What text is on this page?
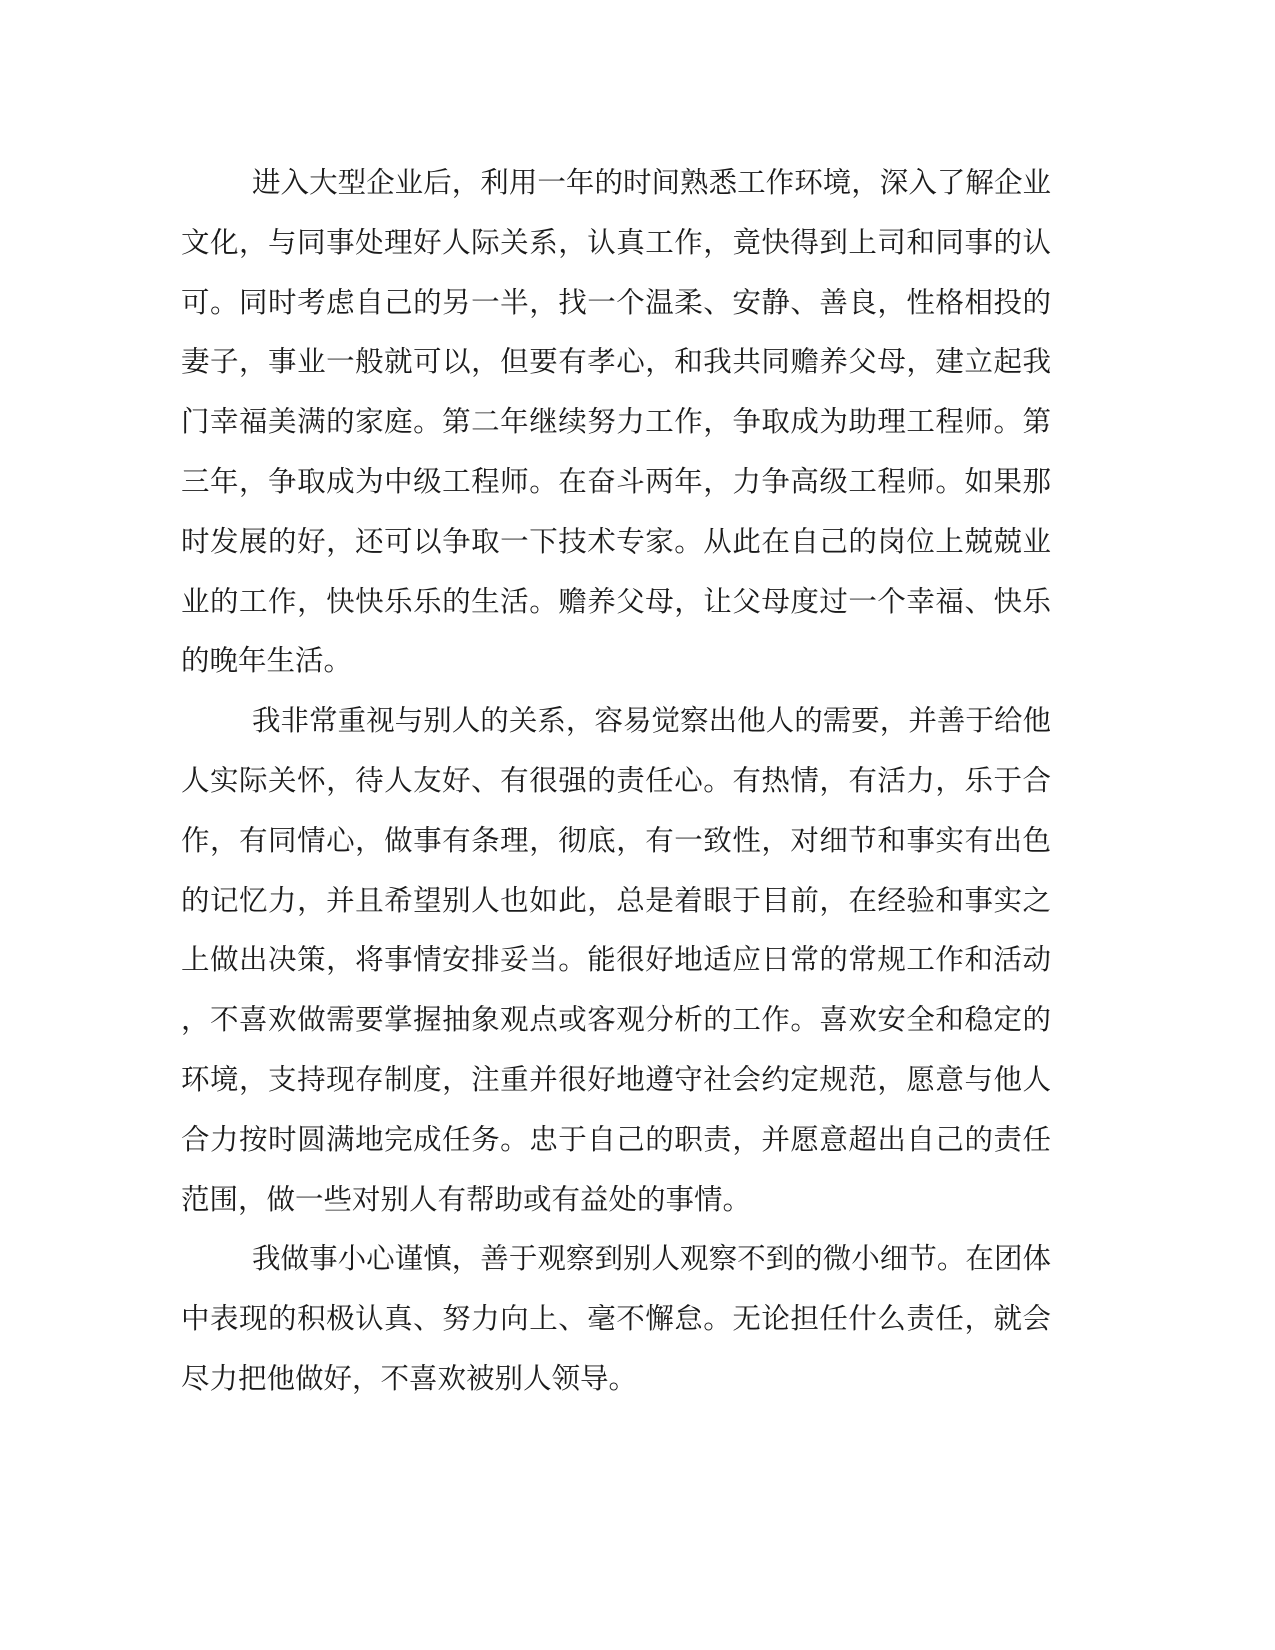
进入大型企业后，利用一年的时间熟悉工作环境，深入了解企业
文化，与同事处理好人际关系，认真工作，竟快得到上司和同事的认
可。同时考虑自己的另一半，找一个温柔、安静、善良，性格相投的
妻子，事业一般就可以，但要有孝心，和我共同赡养父母，建立起我
门幸福美满的家庭。第二年继续努力工作，争取成为助理工程师。第
三年，争取成为中级工程师。在奋斗两年，力争高级工程师。如果那
时发展的好，还可以争取一下技术专家。从此在自己的岗位上兢兢业
业的工作，快快乐乐的生活。赡养父母，让父母度过一个幸福、快乐
的晚年生活。
我非常重视与别人的关系，容易觉察出他人的需要，并善于给他
人实际关怀，待人友好、有很强的责任心。有热情，有活力，乐于合
作，有同情心，做事有条理，彻底，有一致性，对细节和事实有出色
的记忆力，并且希望别人也如此，总是着眼于目前，在经验和事实之
上做出决策，将事情安排妥当。能很好地适应日常的常规工作和活动
，不喜欢做需要掌握抽象观点或客观分析的工作。喜欢安全和稳定的
环境，支持现存制度，注重并很好地遵守社会约定规范，愿意与他人
合力按时圆满地完成任务。忠于自己的职责，并愿意超出自己的责任
范围，做一些对别人有帮助或有益处的事情。
我做事小心谨慎，善于观察到别人观察不到的微小细节。在团体
中表现的积极认真、努力向上、毫不懈怠。无论担任什么责任，就会
尽力把他做好，不喜欢被别人领导。
